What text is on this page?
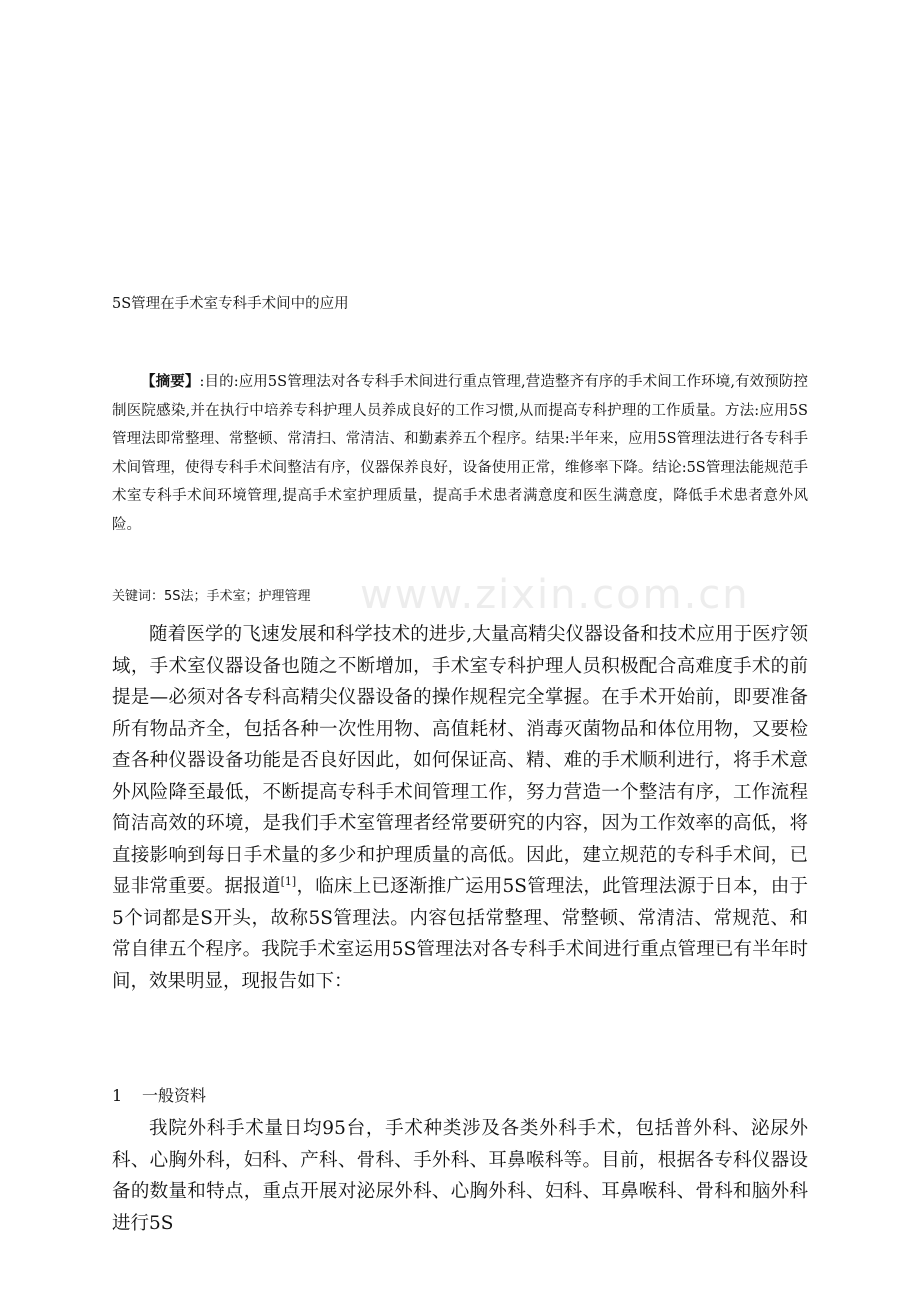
www.zixin.com.cn
5S管理在手术室专科手术间中的应用

【摘要】:目的:应用5S管理法对各专科手术间进行重点管理,营造整齐有序的手术间工作环境,有效预防控制医院感染,并在执行中培养专科护理人员养成良好的工作习惯,从而提高专科护理的工作质量。方法:应用5S管理法即常整理、常整顿、常清扫、常清洁、和勤素养五个程序。结果:半年来，应用5S管理法进行各专科手术间管理，使得专科手术间整洁有序，仪器保养良好，设备使用正常，维修率下降。结论:5S管理法能规范手术室专科手术间环境管理,提高手术室护理质量，提高手术患者满意度和医生满意度，降低手术患者意外风险。

关键词：5S法；手术室；护理管理

随着医学的飞速发展和科学技术的进步,大量高精尖仪器设备和技术应用于医疗领域，手术室仪器设备也随之不断增加，手术室专科护理人员积极配合高难度手术的前提是—必须对各专科高精尖仪器设备的操作规程完全掌握。在手术开始前，即要准备所有物品齐全，包括各种一次性用物、高值耗材、消毒灭菌物品和体位用物，又要检查各种仪器设备功能是否良好因此，如何保证高、精、难的手术顺利进行，将手术意外风险降至最低，不断提高专科手术间管理工作，努力营造一个整洁有序，工作流程简洁高效的环境，是我们手术室管理者经常要研究的内容，因为工作效率的高低，将直接影响到每日手术量的多少和护理质量的高低。因此，建立规范的专科手术间，已显非常重要。据报道[1]，临床上已逐渐推广运用5S管理法，此管理法源于日本，由于5个词都是S开头，故称5S管理法。内容包括常整理、常整顿、常清洁、常规范、和常自律五个程序。我院手术室运用5S管理法对各专科手术间进行重点管理已有半年时间，效果明显，现报告如下：

1 一般资料

我院外科手术量日均95台，手术种类涉及各类外科手术，包括普外科、泌尿外科、心胸外科，妇科、产科、骨科、手外科、耳鼻喉科等。目前，根据各专科仪器设备的数量和特点，重点开展对泌尿外科、心胸外科、妇科、耳鼻喉科、骨科和脑外科进行5S
